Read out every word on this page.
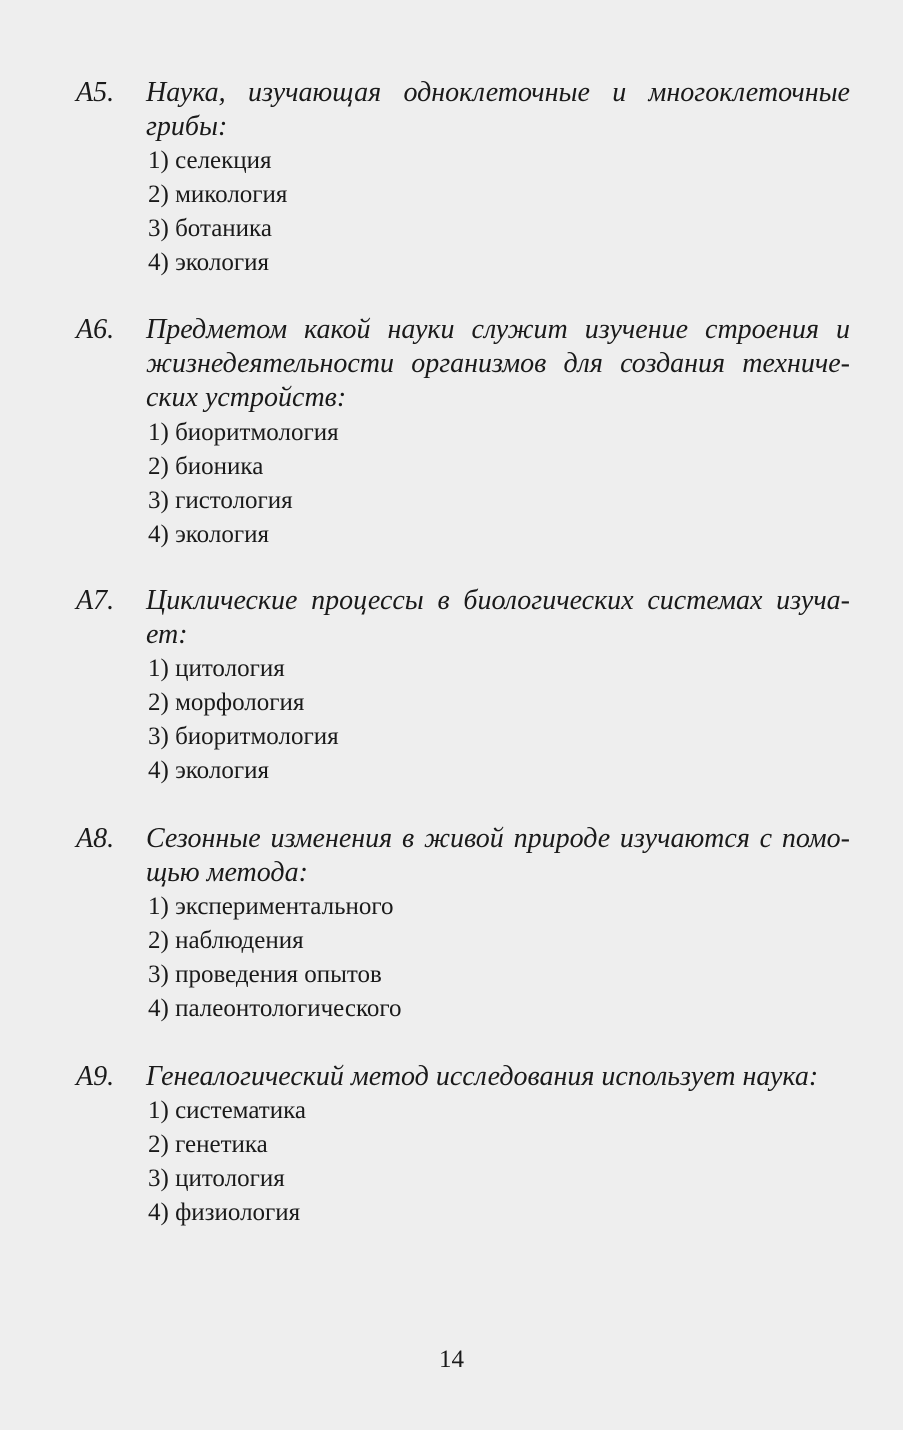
А5. Наука, изучающая одноклеточные и многоклеточные
грибы:
1) селекция
2) микология
3) ботаника
4) экология
А6. Предметом какой науки служит изучение строения и
жизнедеятельности организмов для создания техниче-
ских устройств:
1) биоритмология
2) бионика
3) гистология
4) экология
А7. Циклические процессы в биологических системах изуча-
ет:
1) цитология
2) морфология
3) биоритмология
4) экология
А8. Сезонные изменения в живой природе изучаются с помо-
щью метода:
1) экспериментального
2) наблюдения
3) проведения опытов
4) палеонтологического
А9. Генеалогический метод исследования использует наука:
1) систематика
2) генетика
3) цитология
4) физиология
14
